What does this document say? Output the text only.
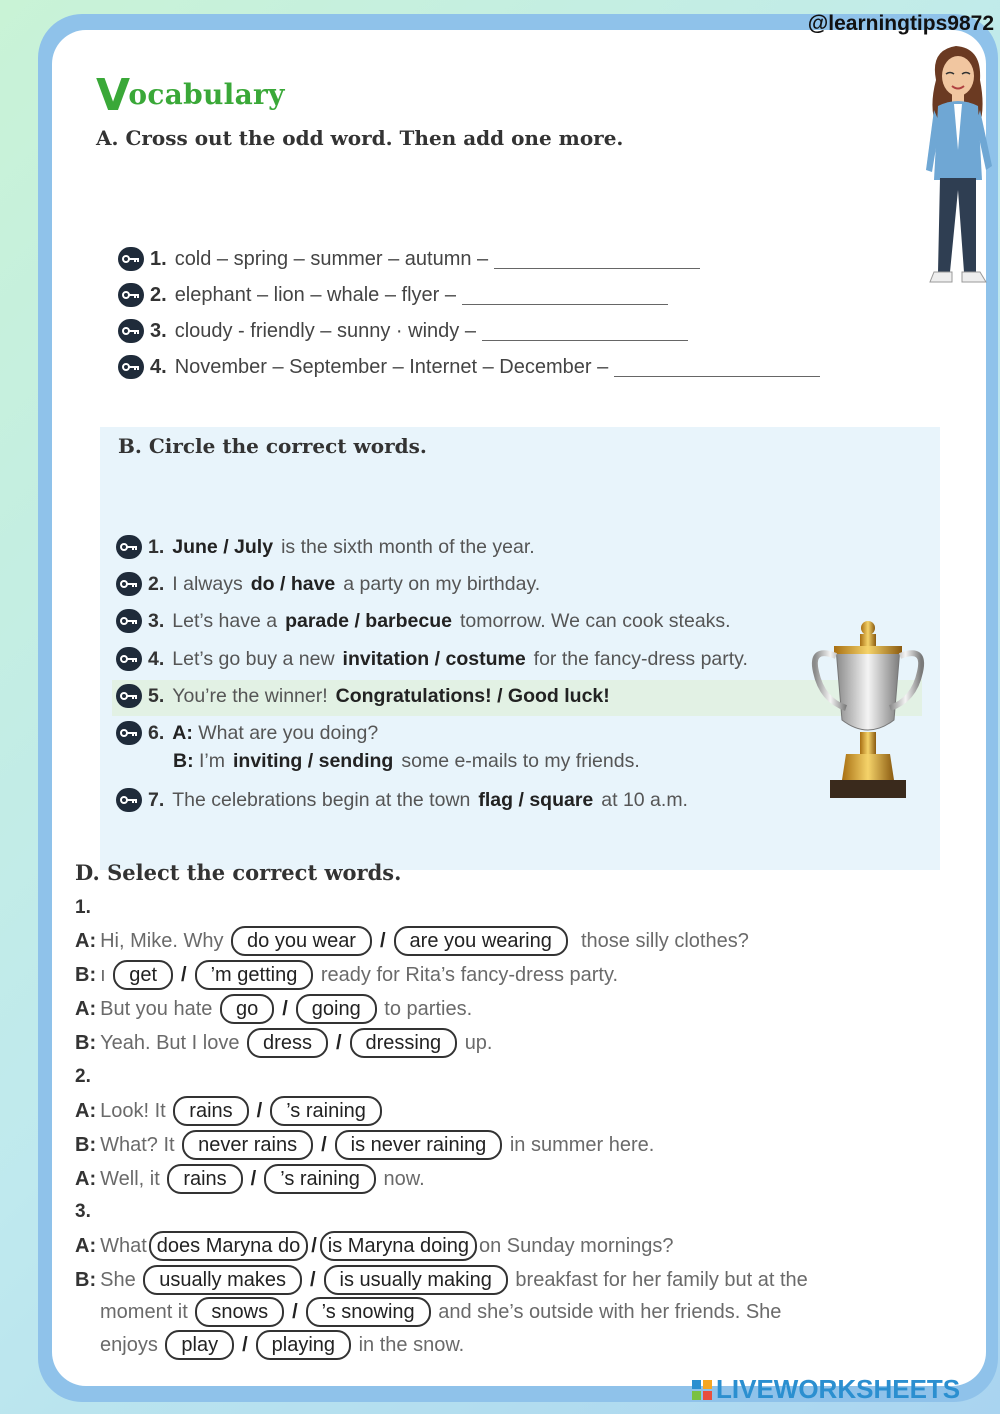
@learningtips9872
Vocabulary
A. Cross out the odd word. Then add one more.
1. cold – spring – summer – autumn –
2. elephant – lion – whale – flyer –
3. cloudy - friendly – sunny · windy –
4. November – September – Internet – December –
B. Circle the correct words.
1. June / July is the sixth month of the year.
2. I always do / have a party on my birthday.
3. Let’s have a parade / barbecue tomorrow. We can cook steaks.
4. Let’s go buy a new invitation / costume for the fancy-dress party.
5. You’re the winner! Congratulations! / Good luck!
6. A:
What are you doing?
B:
I’m inviting / sending some e-mails to my friends.
7. The celebrations begin at the town flag / square at 10 a.m.
D. Select the correct words.
1.
A: Hi, Mike. Why
	do you wear	/	are you wearing
	those silly clothes?
B: ı
	get	/	’m getting
	ready for Rita’s fancy-dress party.
A: But you hate
	go	/	going
	to parties.
B: Yeah. But I love
	dress	/	dressing
	up.
2.
A: Look! It
	rains	/	’s raining
B: What? It
	never rains	/	is never raining
	in summer here.
A: Well, it
	rains	/	’s raining
	now.
3.
A: What does Maryna do / is Maryna doing on Sunday mornings?
B: She
	usually makes	/	is usually making
	breakfast for her family but at the
moment it
	snows	/	’s snowing
	and she’s outside with her friends. She
enjoys
	play	/	playing
	in the snow.
LIVEWORKSHEETS
